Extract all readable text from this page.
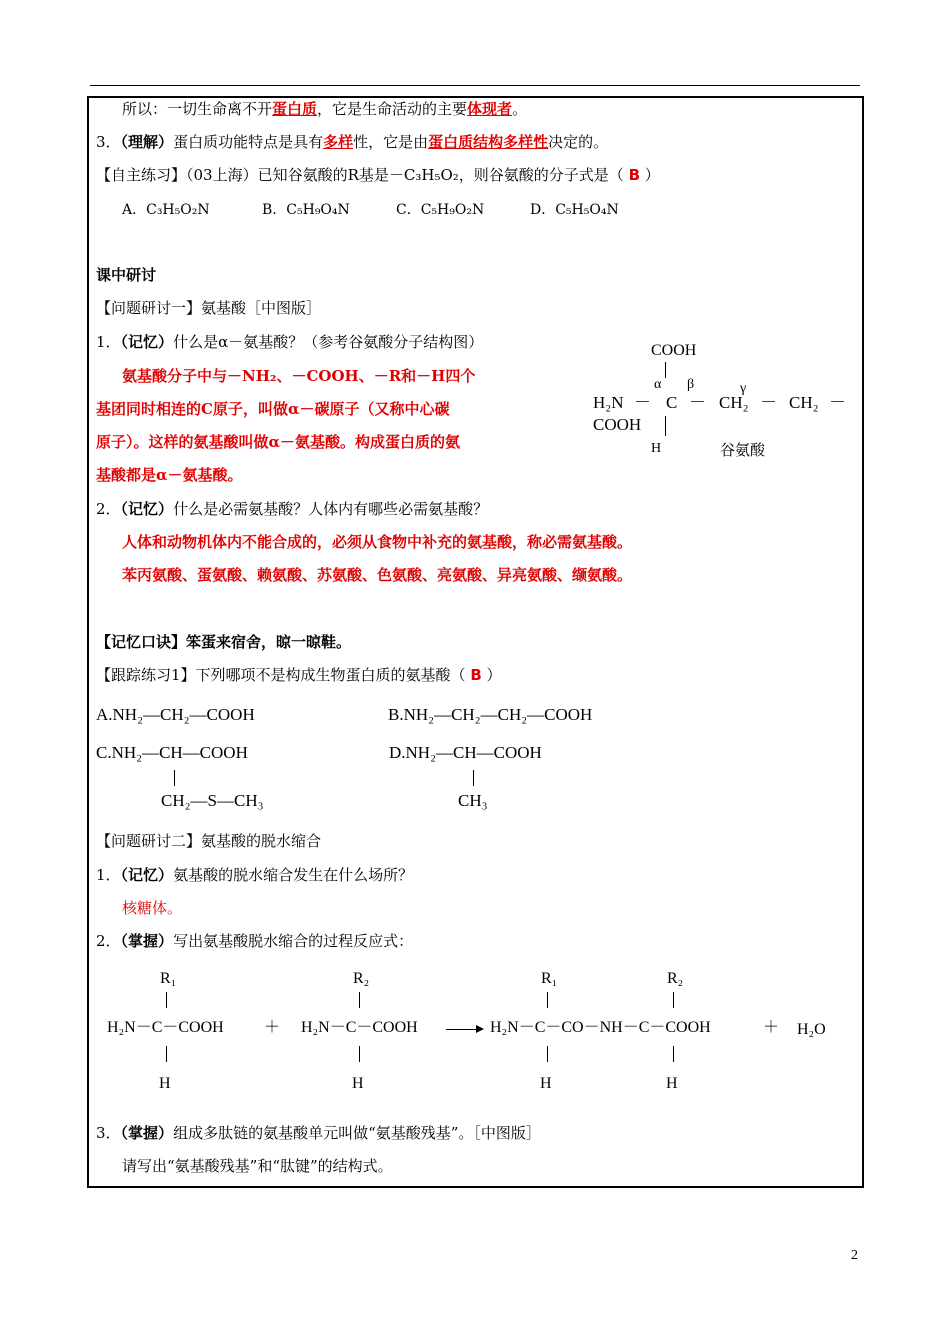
所以：一切生命离不开蛋白质，它是生命活动的主要体现者。
3．（理解）蛋白质功能特点是具有多样性，它是由蛋白质结构多样性决定的。
【自主练习】（03上海）已知谷氨酸的R基是－C₃H₅O₂，则谷氨酸的分子式是（ B ）
A．C₃H₅O₂N	B．C₅H₉O₄N	C．C₅H₉O₂N	D．C₅H₅O₄N
课中研讨
【问题研讨一】氨基酸［中图版］
1．（记忆）什么是α－氨基酸？（参考谷氨酸分子结构图）
氨基酸分子中与－NH₂、－COOH、－R和－H四个
基团同时相连的C原子，叫做α－碳原子（又称中心碳
原子）。这样的氨基酸叫做α－氨基酸。构成蛋白质的氨
基酸都是α－氨基酸。
COOH
α β	γ
H₂N － C － CH₂ － CH₂ －
COOH
H	谷氨酸
2．（记忆）什么是必需氨基酸？人体内有哪些必需氨基酸？
人体和动物机体内不能合成的，必须从食物中补充的氨基酸，称必需氨基酸。
苯丙氨酸、蛋氨酸、赖氨酸、苏氨酸、色氨酸、亮氨酸、异亮氨酸、缬氨酸。
【记忆口诀】笨蛋来宿舍，晾一晾鞋。
【跟踪练习1】下列哪项不是构成生物蛋白质的氨基酸（ B ）
A.NH₂—CH₂—COOH	B.NH₂—CH₂—CH₂—COOH
C.NH₂—CH—COOH	D.NH₂—CH—COOH
CH₂—S—CH₃	CH₃
【问题研讨二】氨基酸的脱水缩合
1．（记忆）氨基酸的脱水缩合发生在什么场所？
核糖体。
2．（掌握）写出氨基酸脱水缩合的过程反应式：
R₁	R₂	R₁	R₂
H₂N－C－COOH	＋ H₂N－C－COOH → H₂N－C－CO－NH－C－COOH	＋ H₂O
H	H	H	H
3．（掌握）组成多肽链的氨基酸单元叫做“氨基酸残基”。［中图版］
请写出“氨基酸残基”和“肽键”的结构式。
2
